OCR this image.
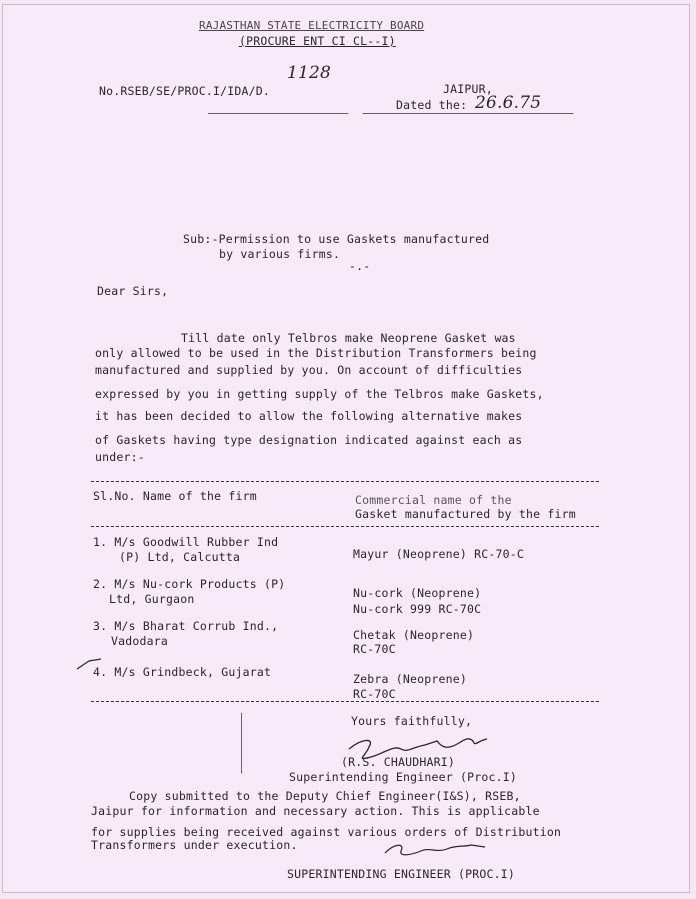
RAJASTHAN STATE ELECTRICITY BOARD
(PROCURE ENT CI CL--I)
No.RSEB/SE/PROC.I/IDA/D.
1128
JAIPUR,
Dated the: 26.6.75
Sub:-Permission to use Gaskets manufactured
by various firms.
-.-
Dear Sirs,
Till date only Telbros make Neoprene Gasket was
only allowed to be used in the Distribution Transformers being
manufactured and supplied by you. On account of difficulties
expressed by you in getting supply of the Telbros make Gaskets,
it has been decided to allow the following alternative makes
of Gaskets having type designation indicated against each as
under:-
Sl.No. Name of the firm	Commercial name of the
Gasket manufactured by the firm
1. M/s Goodwill Rubber Ind
(P) Ltd, Calcutta	Mayur (Neoprene) RC-70-C
2. M/s Nu-cork Products (P)
Ltd, Gurgaon	Nu-cork (Neoprene)
Nu-cork 999 RC-70C
3. M/s Bharat Corrub Ind.,
Vadodara	Chetak (Neoprene)
RC-70C
4. M/s Grindbeck, Gujarat	Zebra (Neoprene)
RC-70C
Yours faithfully,
(R.S. CHAUDHARI)
Superintending Engineer (Proc.I)
Copy submitted to the Deputy Chief Engineer(I&S), RSEB,
Jaipur for information and necessary action. This is applicable
for supplies being received against various orders of Distribution
Transformers under execution.
SUPERINTENDING ENGINEER (PROC.I)
